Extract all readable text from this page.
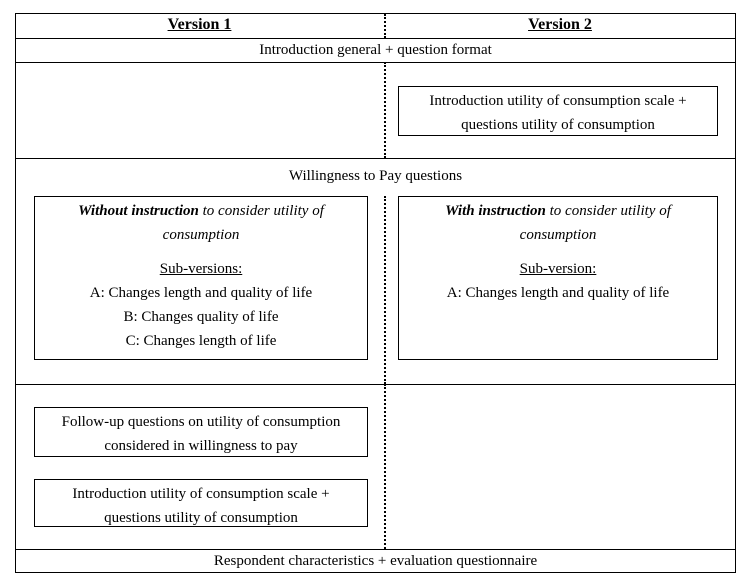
Version 1	Version 2
Introduction general + question format
Willingness to Pay questions
Respondent characteristics + evaluation questionnaire
Introduction utility of consumption scale +
questions utility of consumption
Without instruction to consider utility of
consumption
Sub-versions:
A: Changes length and quality of life
B: Changes quality of life
C: Changes length of life
With instruction to consider utility of
consumption
Sub-version:
A: Changes length and quality of life
Follow-up questions on utility of consumption
considered in willingness to pay
Introduction utility of consumption scale +
questions utility of consumption
